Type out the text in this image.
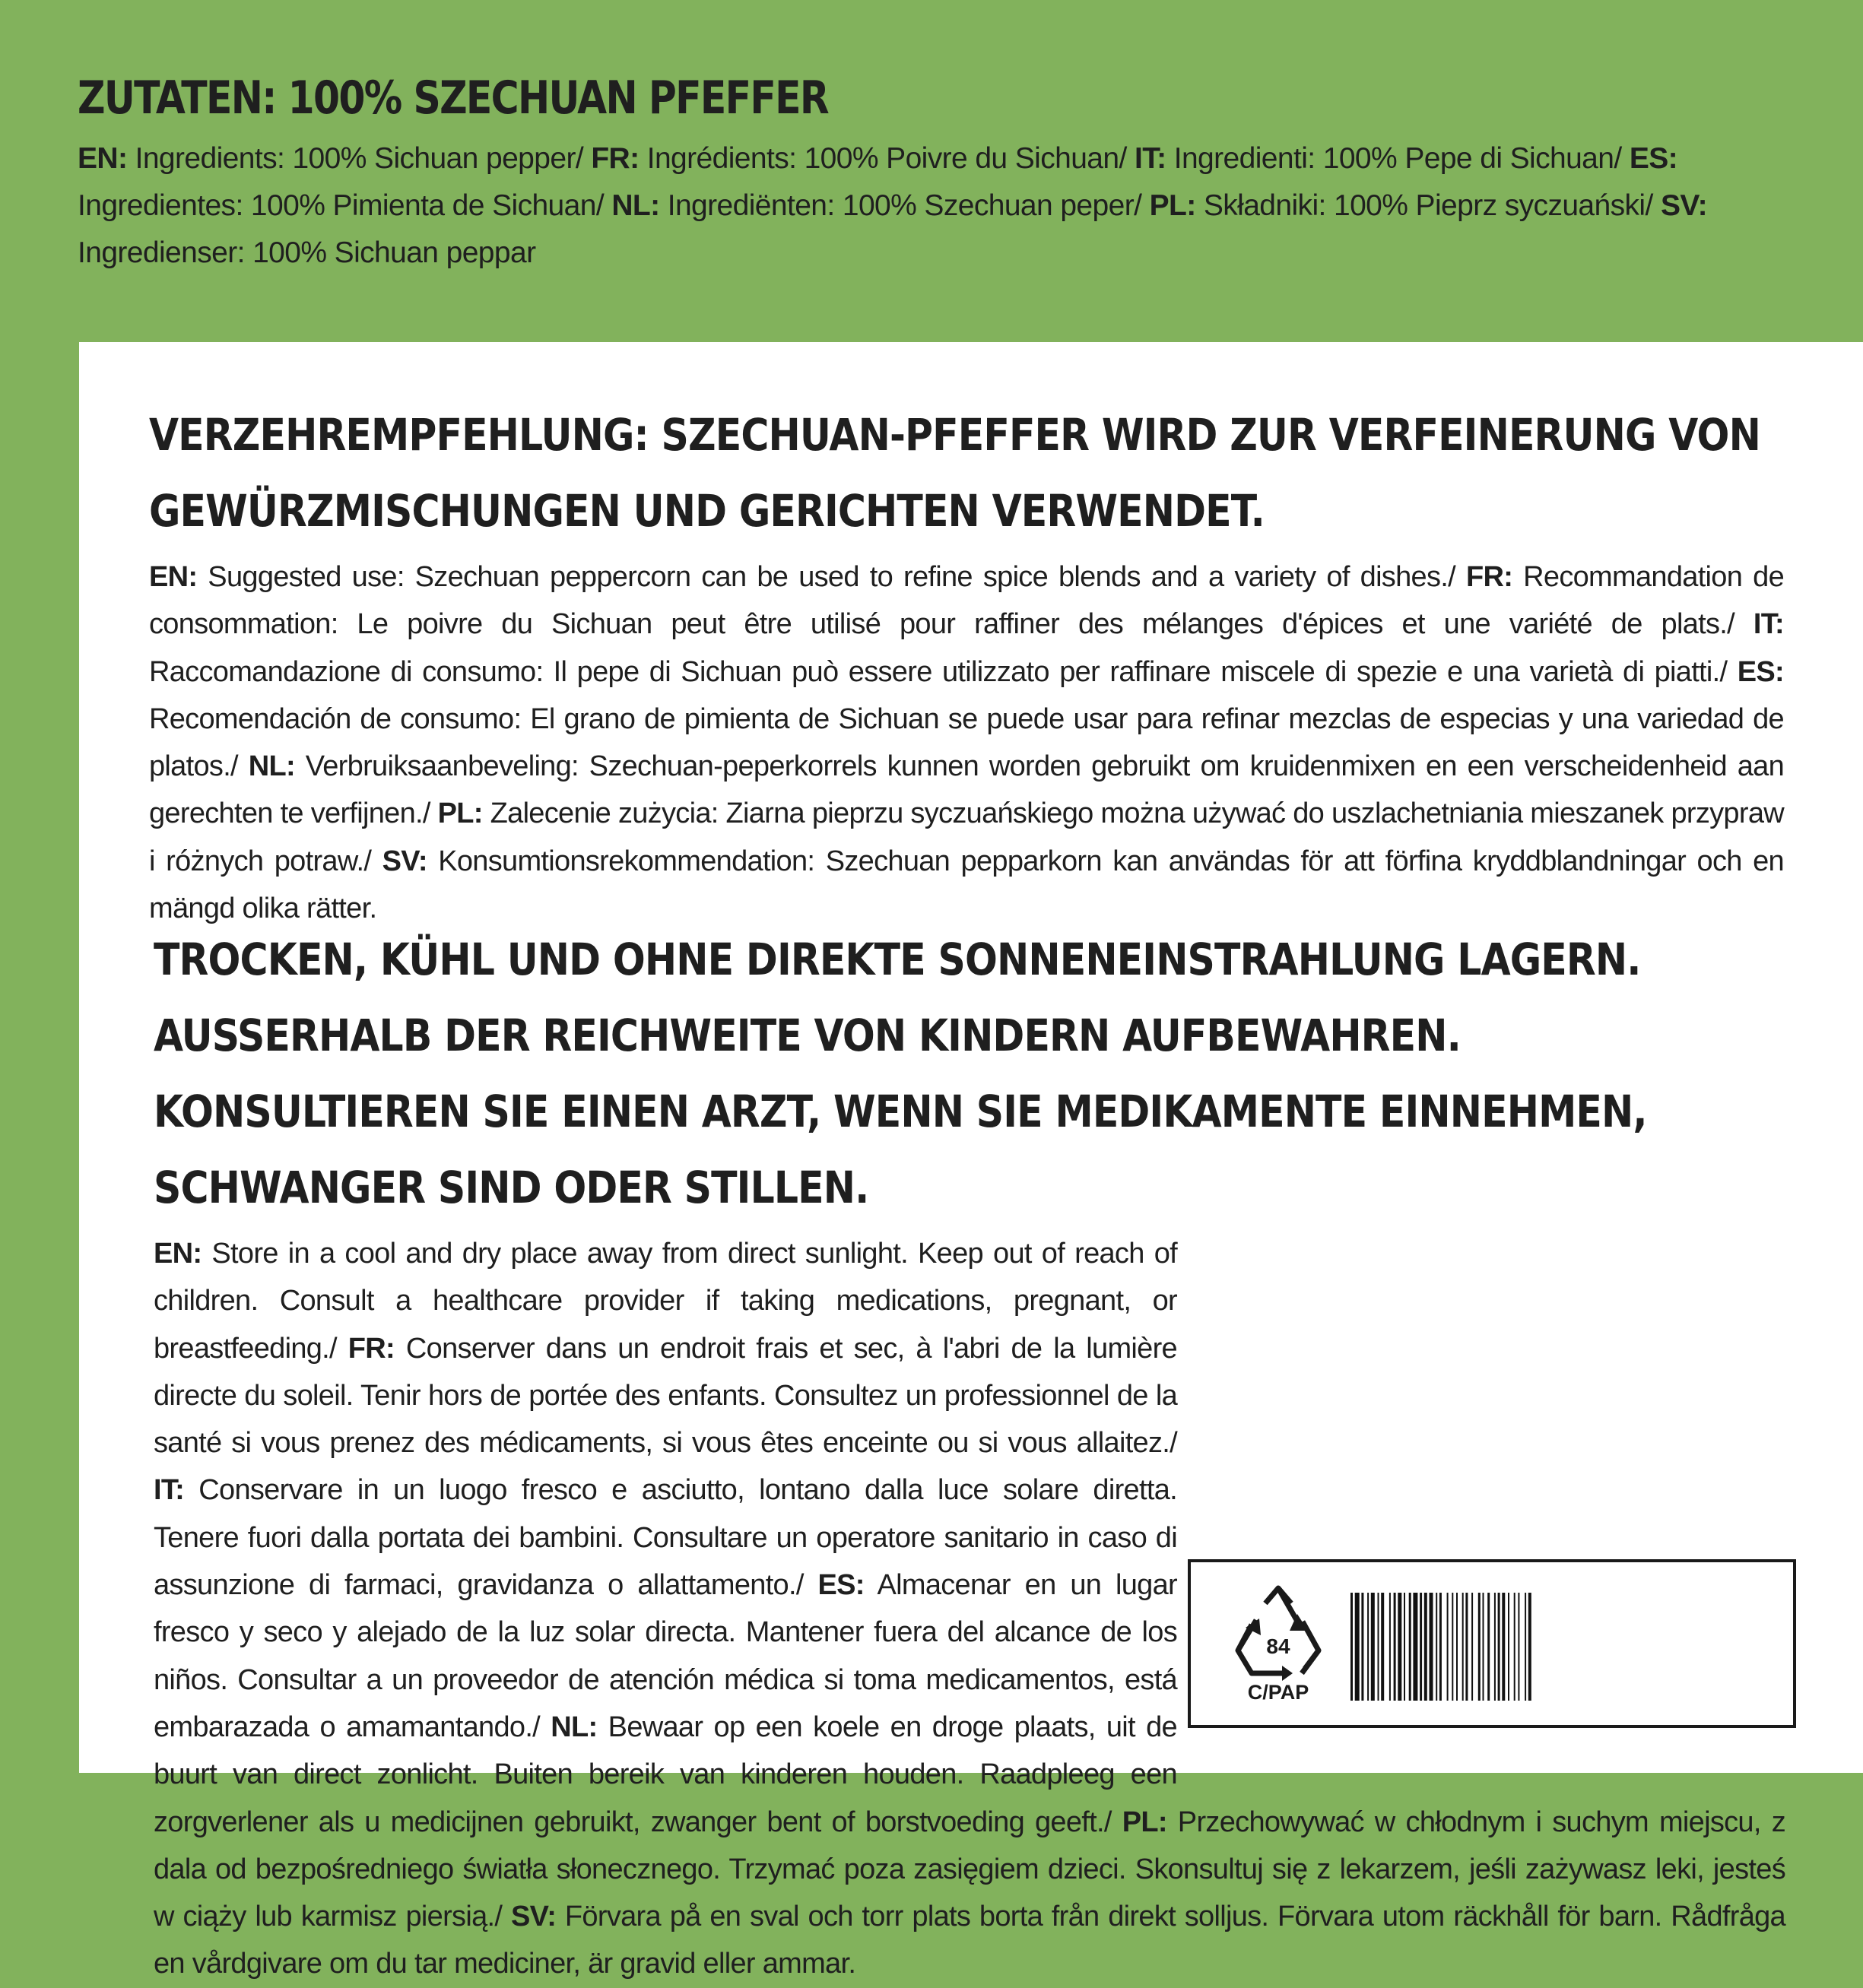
ZUTATEN: 100% SZECHUAN PFEFFER

EN: Ingredients: 100% Sichuan pepper/ FR: Ingrédients: 100% Poivre du Sichuan/ IT: Ingredienti: 100% Pepe di Sichuan/ ES: Ingredientes: 100% Pimienta de Sichuan/ NL: Ingrediënten: 100% Szechuan peper/ PL: Składniki: 100% Pieprz syczuański/ SV: Ingredienser: 100% Sichuan peppar

VERZEHREMPFEHLUNG: SZECHUAN-PFEFFER WIRD ZUR VERFEINERUNG VON GEWÜRZMISCHUNGEN UND GERICHTEN VERWENDET.

EN: Suggested use: Szechuan peppercorn can be used to refine spice blends and a variety of dishes./ FR: Recommandation de consommation: Le poivre du Sichuan peut être utilisé pour raffiner des mélanges d'épices et une variété de plats./ IT: Raccomandazione di consumo: Il pepe di Sichuan può essere utilizzato per raffinare miscele di spezie e una varietà di piatti./ ES: Recomendación de consumo: El grano de pimienta de Sichuan se puede usar para refinar mezclas de especias y una variedad de platos./ NL: Verbruiksaanbeveling: Szechuan-peperkorrels kunnen worden gebruikt om kruidenmixen en een verscheidenheid aan gerechten te verfijnen./ PL: Zalecenie zużycia: Ziarna pieprzu syczuańskiego można używać do uszlachetniania mieszanek przypraw i różnych potraw./ SV: Konsumtionsrekommendation: Szechuan pepparkorn kan användas för att förfina kryddblandningar och en mängd olika rätter.

TROCKEN, KÜHL UND OHNE DIREKTE SONNENEINSTRAHLUNG LAGERN. AUSSERHALB DER REICHWEITE VON KINDERN AUFBEWAHREN. KONSULTIEREN SIE EINEN ARZT, WENN SIE MEDIKAMENTE EINNEHMEN, SCHWANGER SIND ODER STILLEN.

EN: Store in a cool and dry place away from direct sunlight. Keep out of reach of children. Consult a healthcare provider if taking medications, pregnant, or breastfeeding./ FR: Conserver dans un endroit frais et sec, à l'abri de la lumière directe du soleil. Tenir hors de portée des enfants. Consultez un professionnel de la santé si vous prenez des médicaments, si vous êtes enceinte ou si vous allaitez./ IT: Conservare in un luogo fresco e asciutto, lontano dalla luce solare diretta. Tenere fuori dalla portata dei bambini. Consultare un operatore sanitario in caso di assunzione di farmaci, gravidanza o allattamento./ ES: Almacenar en un lugar fresco y seco y alejado de la luz solar directa. Mantener fuera del alcance de los niños. Consultar a un proveedor de atención médica si toma medicamentos, está embarazada o amamantando./ NL: Bewaar op een koele en droge plaats, uit de buurt van direct zonlicht. Buiten bereik van kinderen houden. Raadpleeg een zorgverlener als u medicijnen gebruikt, zwanger bent of borstvoeding geeft./ PL: Przechowywać w chłodnym i suchym miejscu, z dala od bezpośredniego światła słonecznego. Trzymać poza zasięgiem dzieci. Skonsultuj się z lekarzem, jeśli zażywasz leki, jesteś w ciąży lub karmisz piersią./ SV: Förvara på en sval och torr plats borta från direkt solljus. Förvara utom räckhåll för barn. Rådfråga en vårdgivare om du tar mediciner, är gravid eller ammar.

84
C/PAP
